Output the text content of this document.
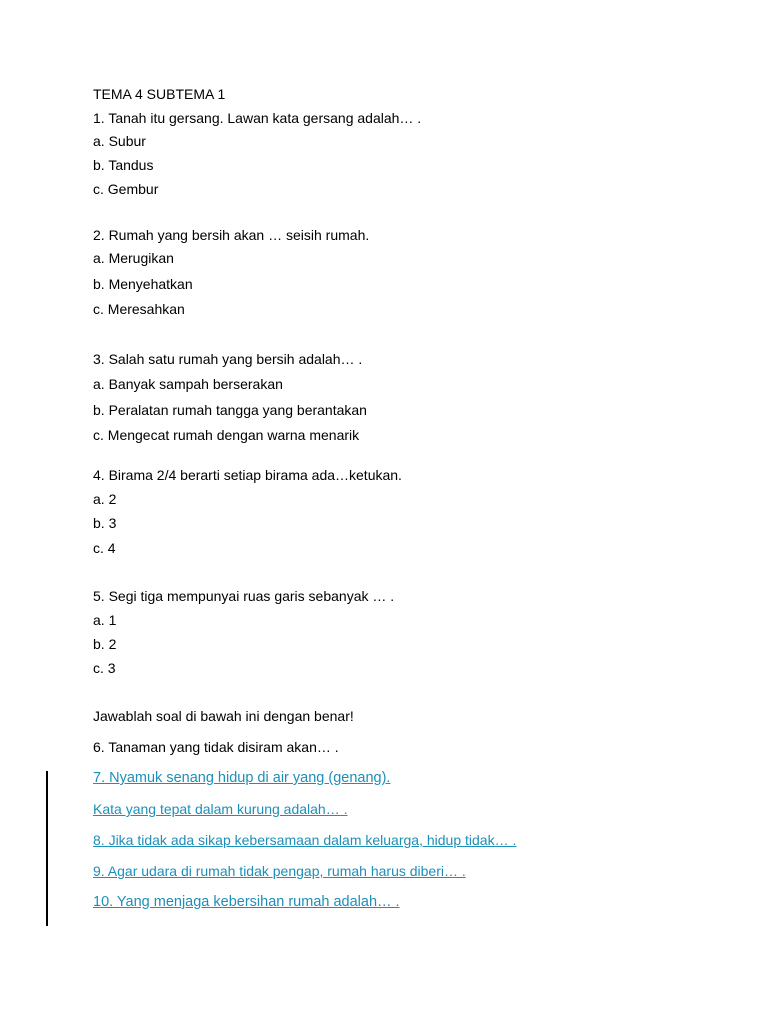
TEMA 4 SUBTEMA 1
1. Tanah itu gersang. Lawan kata gersang adalah… .
a. Subur
b. Tandus
c. Gembur
2. Rumah yang bersih akan … seisih rumah.
a. Merugikan
b. Menyehatkan
c. Meresahkan
3. Salah satu rumah yang bersih adalah… .
a. Banyak sampah berserakan
b. Peralatan rumah tangga yang berantakan
c. Mengecat rumah dengan warna menarik
4. Birama 2/4 berarti setiap birama ada…ketukan.
a. 2
b. 3
c. 4
5. Segi tiga mempunyai ruas garis sebanyak … .
a. 1
b. 2
c. 3
Jawablah soal di bawah ini dengan benar!
6. Tanaman yang tidak disiram akan… .
7. Nyamuk senang hidup di air yang (genang).
Kata yang tepat dalam kurung adalah… .
8. Jika tidak ada sikap kebersamaan dalam keluarga, hidup tidak… .
9. Agar udara di rumah tidak pengap, rumah harus diberi… .
10. Yang menjaga kebersihan rumah adalah… .
